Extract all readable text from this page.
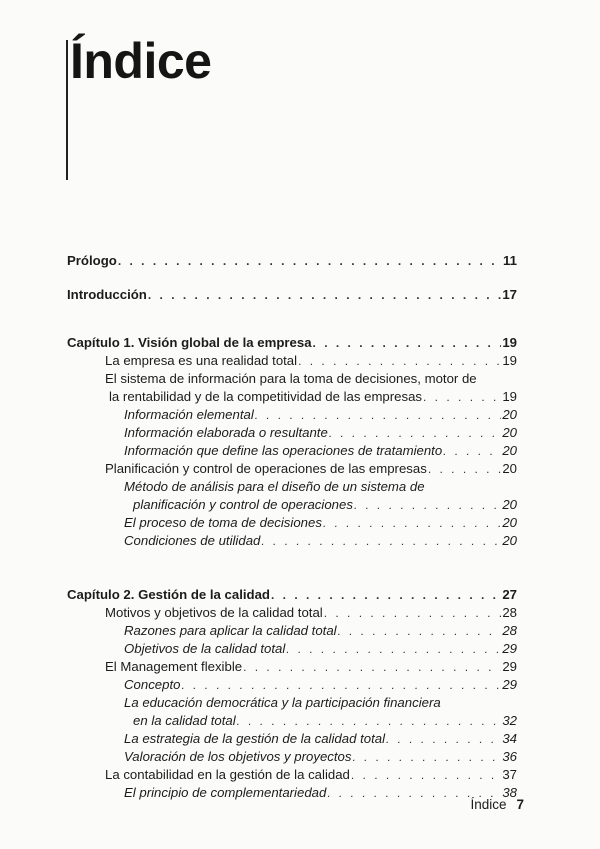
Índice
Prólogo . . .	11
Introducción . . .	17
Capítulo 1. Visión global de la empresa . . .	19
La empresa es una realidad total . . .	19
El sistema de información para la toma de decisiones, motor de
la rentabilidad y de la competitividad de las empresas . . .	19
Información elemental . . .	20
Información elaborada o resultante . . .	20
Información que define las operaciones de tratamiento . . .	20
Planificación y control de operaciones de las empresas . . .	20
Método de análisis para el diseño de un sistema de
planificación y control de operaciones . . .	20
El proceso de toma de decisiones . . .	20
Condiciones de utilidad . . .	20
Capítulo 2. Gestión de la calidad . . .	27
Motivos y objetivos de la calidad total . . .	28
Razones para aplicar la calidad total . . .	28
Objetivos de la calidad total . . .	29
El Management flexible . . .	29
Concepto . . .	29
La educación democrática y la participación financiera
en la calidad total . . .	32
La estrategia de la gestión de la calidad total . . .	34
Valoración de los objetivos y proyectos . . .	36
La contabilidad en la gestión de la calidad . . .	37
El principio de complementariedad . . .	38
Índice 7
